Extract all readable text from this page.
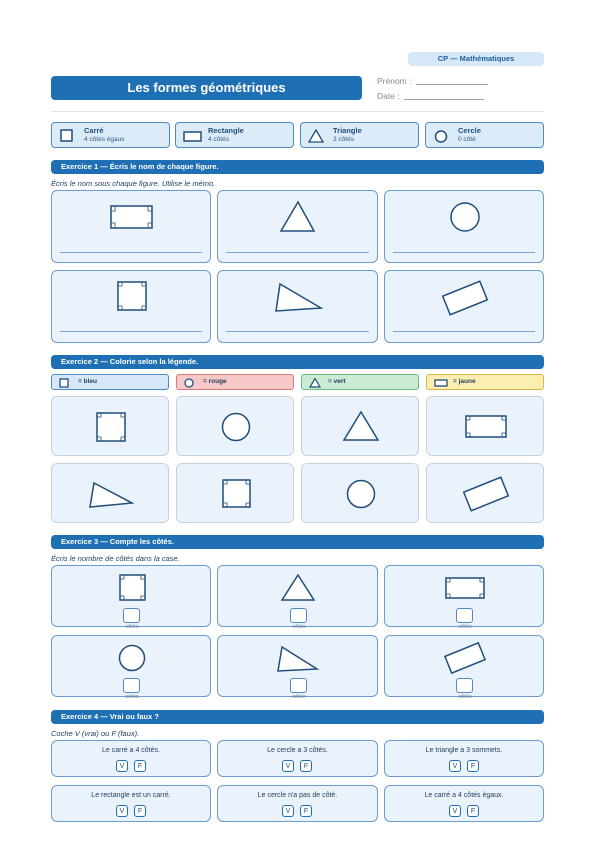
CP — Mathématiques
Les formes géométriques	Prénom :
Date :
Carré
4 côtés égaux
Rectangle
4 côtés
Triangle
3 côtés
Cercle
0 côté
Exercice 1 — Écris le nom de chaque figure.
Écris le nom sous chaque figure. Utilise le mémo.
Exercice 2 — Colorie selon la légende.
= bleu	= rouge	= vert	= jaune
Exercice 3 — Compte les côtés.
Écris le nombre de côtés dans la case.
côtés	côtés	côtés
côtés	côtés	côtés
Exercice 4 — Vrai ou faux ?
Coche V (vrai) ou F (faux).
Le carré a 4 côtés.
V	F
Le cercle a 3 côtés.
V	F
Le triangle a 3 sommets.
V	F
Le rectangle est un carré.
V	F
Le cercle n'a pas de côté.
V	F
Le carré a 4 côtés égaux.
V	F
